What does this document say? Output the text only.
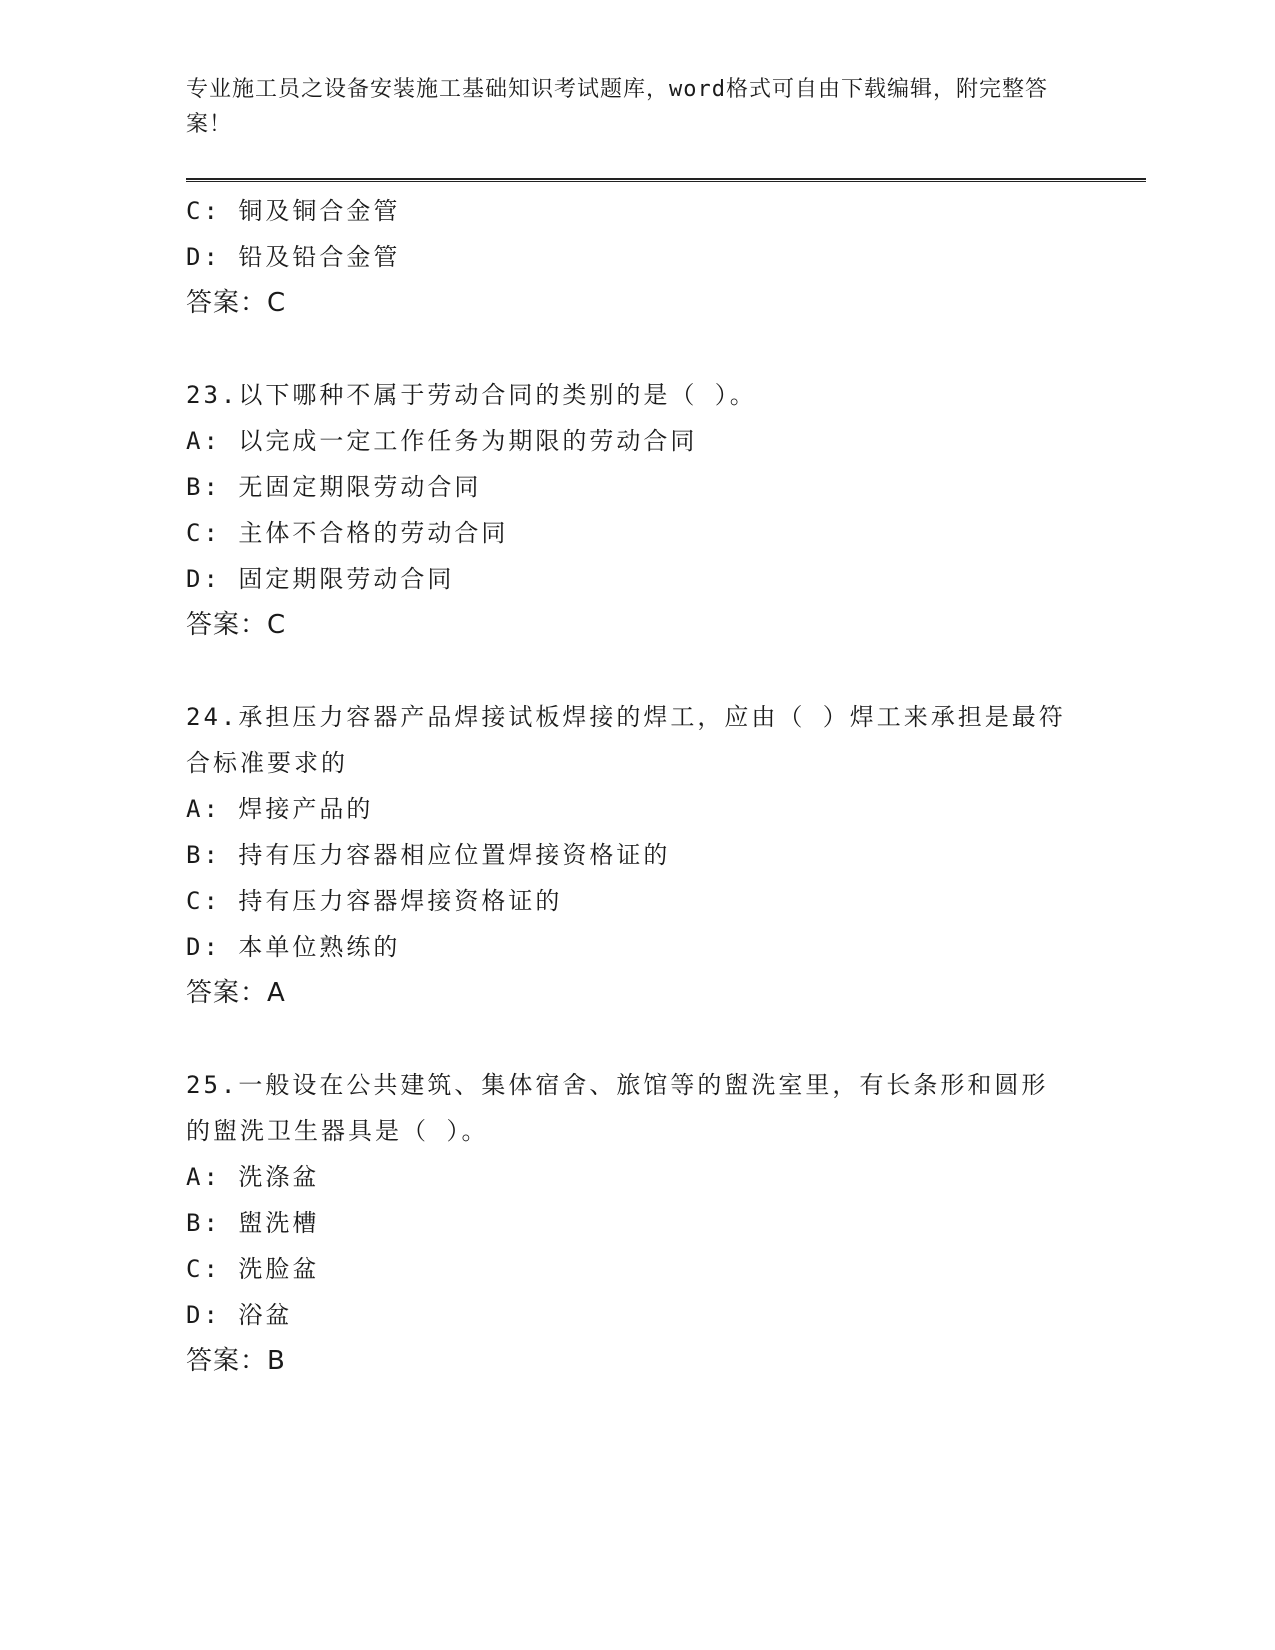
专业施工员之设备安装施工基础知识考试题库，word格式可自由下载编辑，附完整答案！
C: 铜及铜合金管
D: 铅及铅合金管
答案：C
23.以下哪种不属于劳动合同的类别的是（ ）。
A: 以完成一定工作任务为期限的劳动合同
B: 无固定期限劳动合同
C: 主体不合格的劳动合同
D: 固定期限劳动合同
答案：C
24.承担压力容器产品焊接试板焊接的焊工，应由（ ）焊工来承担是最符合标准要求的
A: 焊接产品的
B: 持有压力容器相应位置焊接资格证的
C: 持有压力容器焊接资格证的
D: 本单位熟练的
答案：A
25.一般设在公共建筑、集体宿舍、旅馆等的盥洗室里，有长条形和圆形的盥洗卫生器具是（ ）。
A: 洗涤盆
B: 盥洗槽
C: 洗脸盆
D: 浴盆
答案：B
